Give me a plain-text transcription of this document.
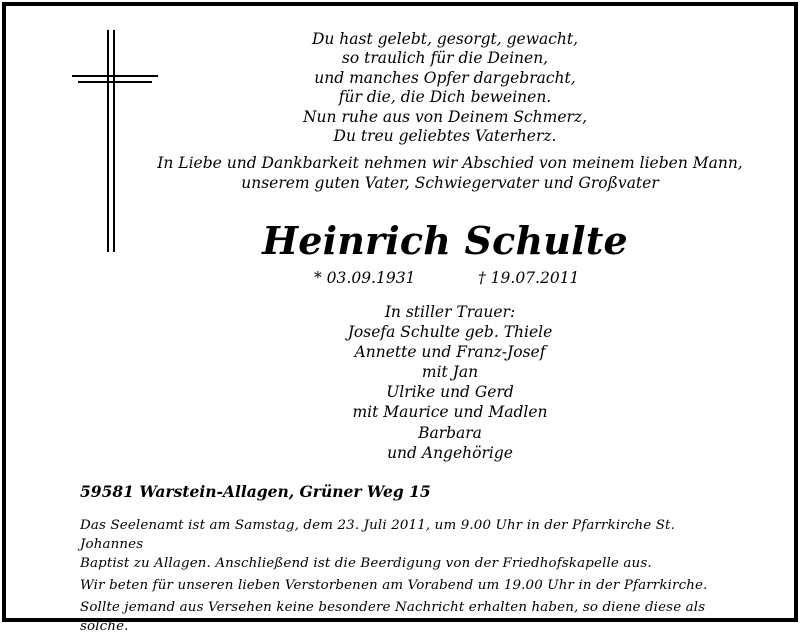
Du hast gelebt, gesorgt, gewacht,
so traulich für die Deinen,
und manches Opfer dargebracht,
für die, die Dich beweinen.
Nun ruhe aus von Deinem Schmerz,
Du treu geliebtes Vaterherz.
In Liebe und Dankbarkeit nehmen wir Abschied von meinem lieben Mann,
unserem guten Vater, Schwiegervater und Großvater
Heinrich Schulte
* 03.09.1931	† 19.07.2011
In stiller Trauer:
Josefa Schulte geb. Thiele
Annette und Franz-Josef
mit Jan
Ulrike und Gerd
mit Maurice und Madlen
Barbara
und Angehörige
59581 Warstein-Allagen, Grüner Weg 15

Das Seelenamt ist am Samstag, dem 23. Juli 2011, um 9.00 Uhr in der Pfarrkirche St. Johannes
Baptist zu Allagen. Anschließend ist die Beerdigung von der Friedhofskapelle aus.

Wir beten für unseren lieben Verstorbenen am Vorabend um 19.00 Uhr in der Pfarrkirche.

Sollte jemand aus Versehen keine besondere Nachricht erhalten haben, so diene diese als solche.
